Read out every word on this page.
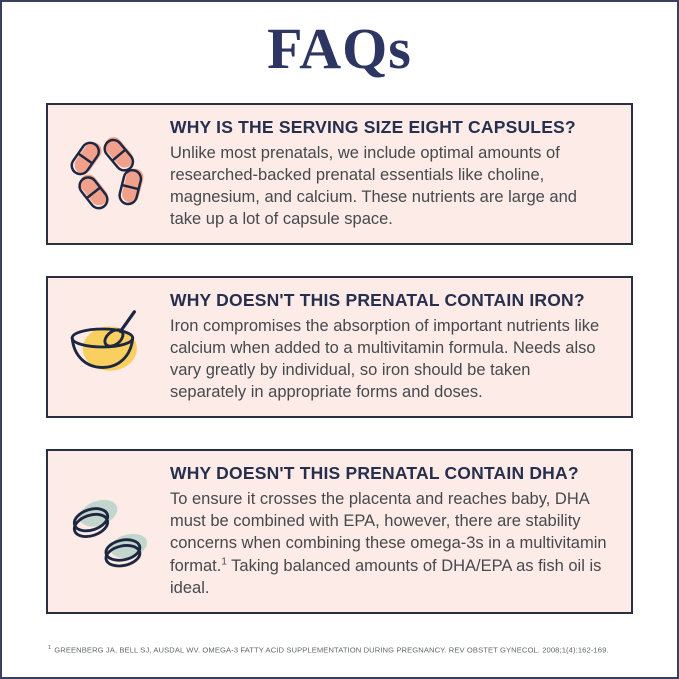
FAQs
WHY IS THE SERVING SIZE EIGHT CAPSULES?

Unlike most prenatals, we include optimal amounts of researched-backed prenatal essentials like choline, magnesium, and calcium. These nutrients are large and take up a lot of capsule space.

WHY DOESN'T THIS PRENATAL CONTAIN IRON?

Iron compromises the absorption of important nutrients like calcium when added to a multivitamin formula. Needs also vary greatly by individual, so iron should be taken separately in appropriate forms and doses.

WHY DOESN'T THIS PRENATAL CONTAIN DHA?

To ensure it crosses the placenta and reaches baby, DHA must be combined with EPA, however, there are stability concerns when combining these omega-3s in a multivitamin format.$^1$ Taking balanced amounts of DHA/EPA as fish oil is ideal.

$^1$ GREENBERG JA, BELL SJ, AUSDAL WV. OMEGA-3 FATTY ACID SUPPLEMENTATION DURING PREGNANCY. REV OBSTET GYNECOL. 2008;1(4):162-169.
